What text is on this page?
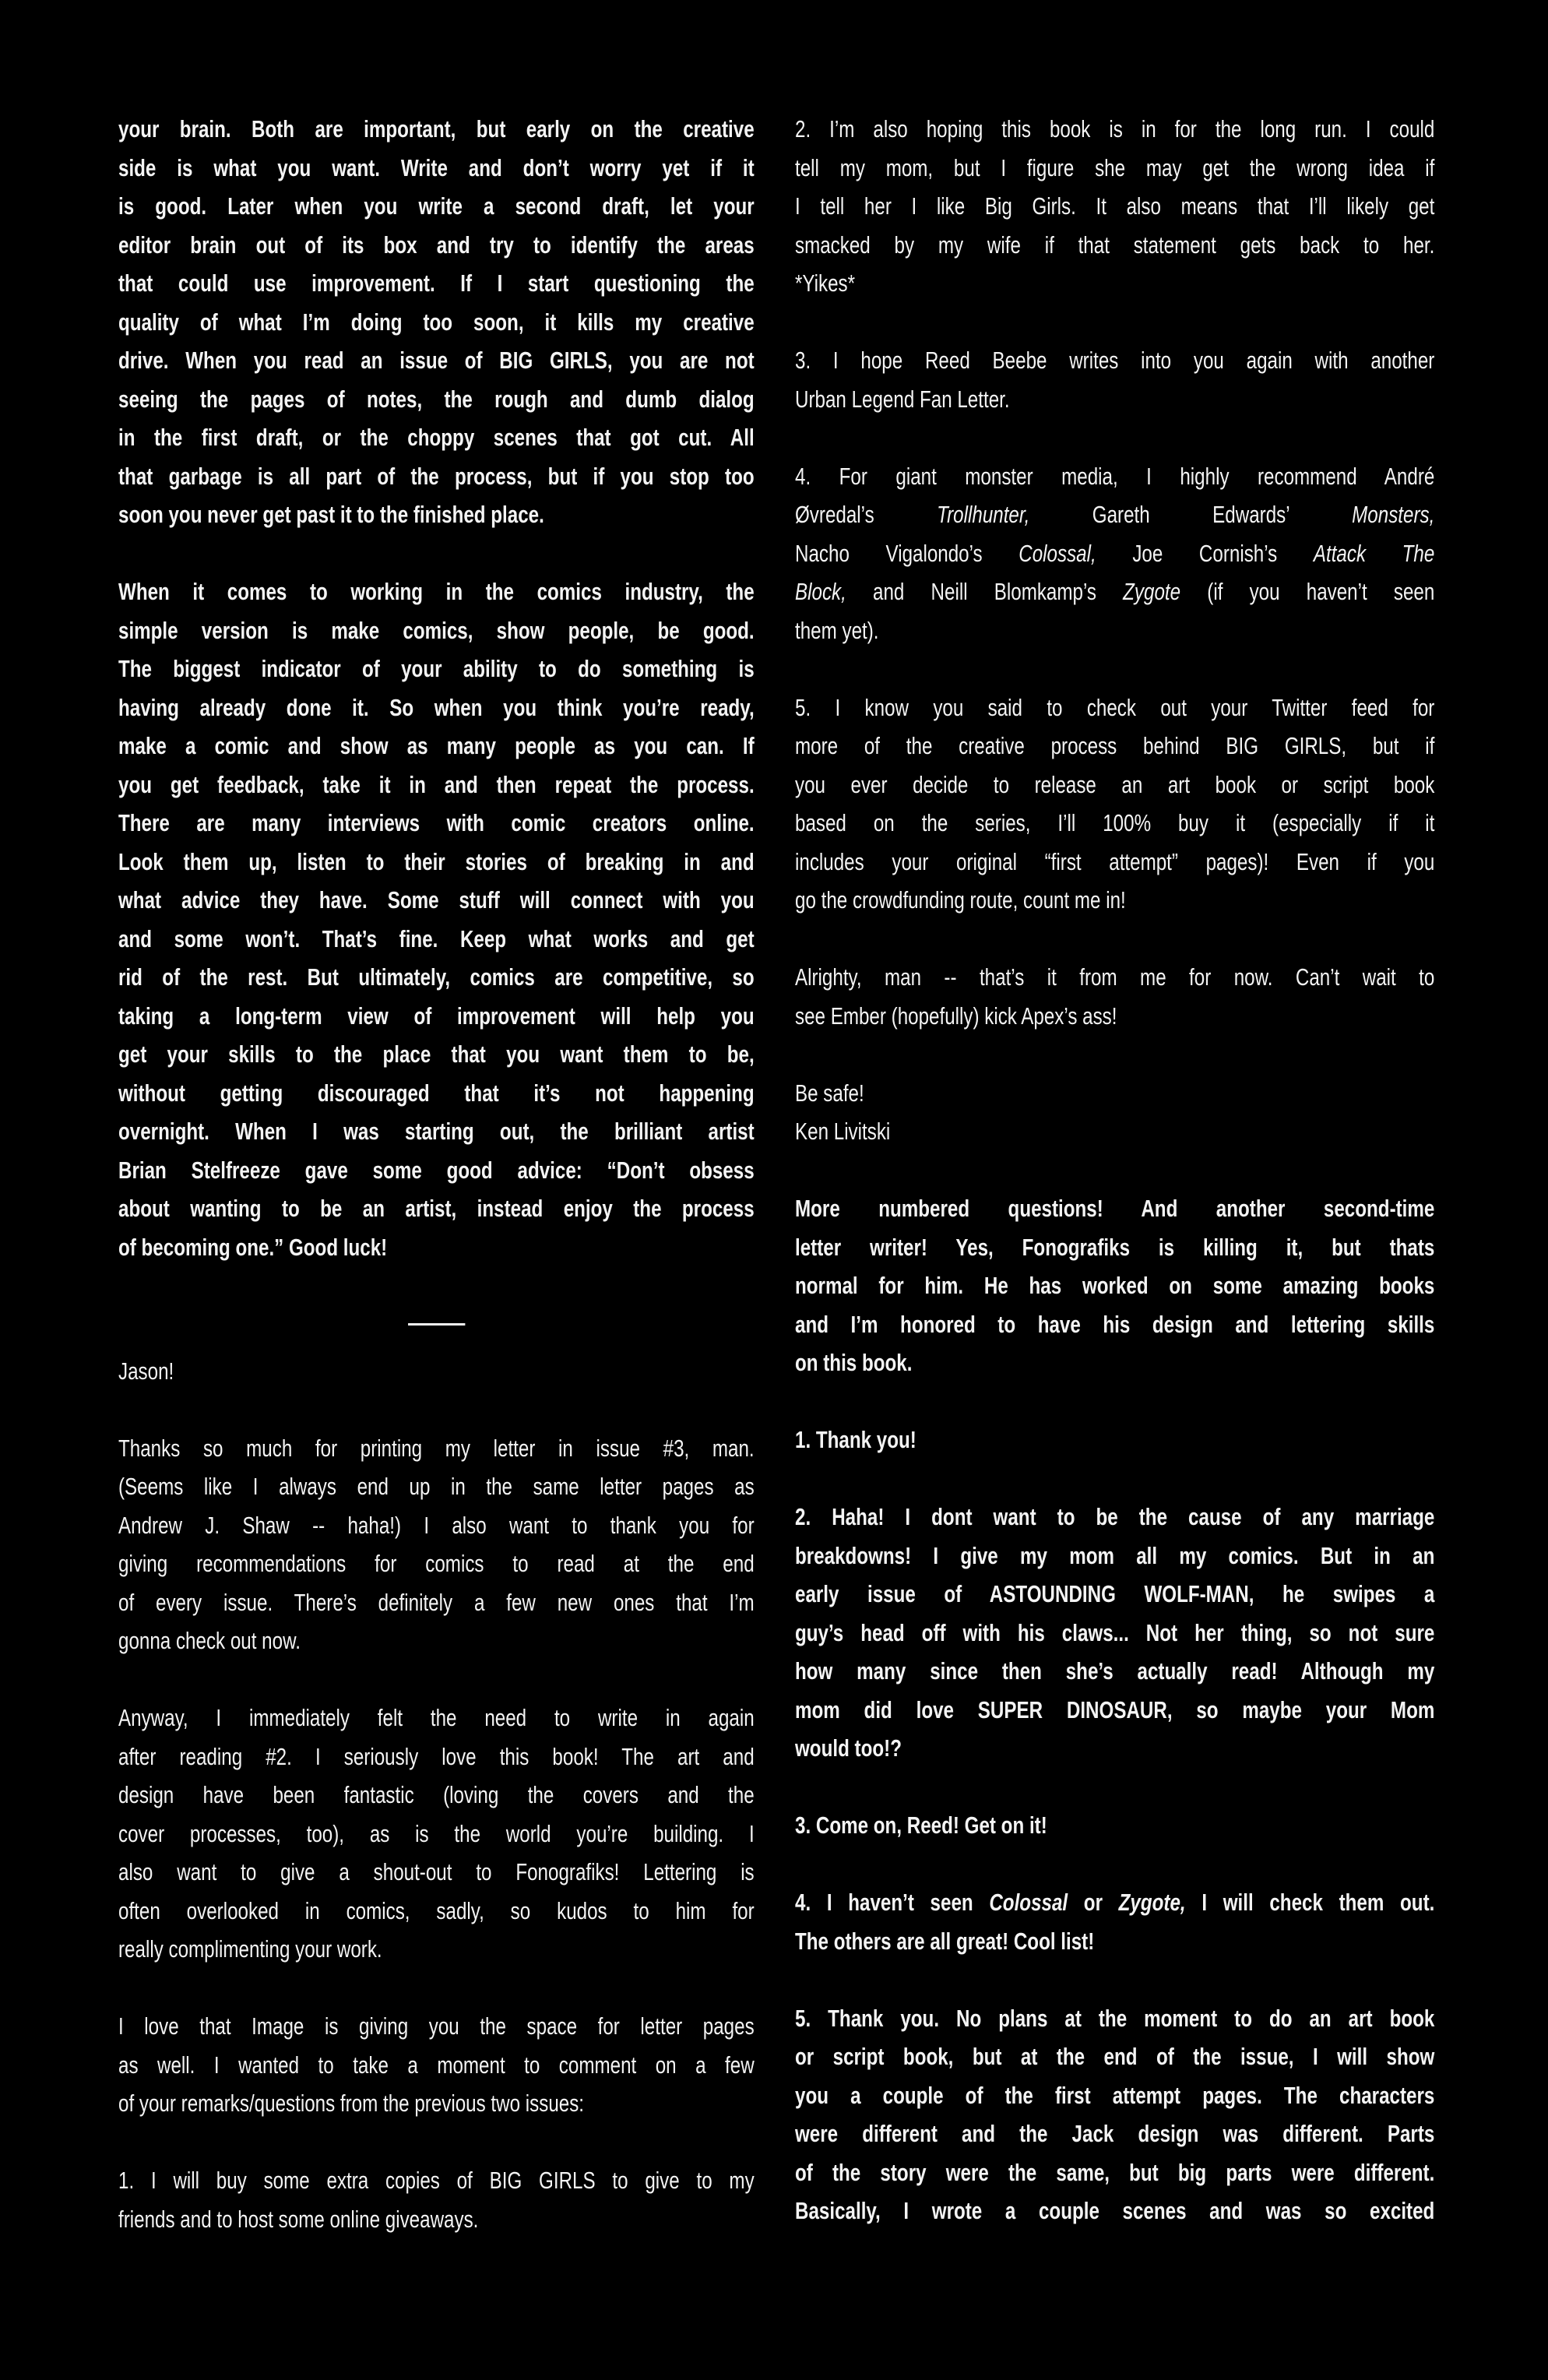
your brain. Both are important, but early on the creative
side is what you want. Write and don’t worry yet if it
is good. Later when you write a second draft, let your
editor brain out of its box and try to identify the areas
that could use improvement. If I start questioning the
quality of what I’m doing too soon, it kills my creative
drive. When you read an issue of BIG GIRLS, you are not
seeing the pages of notes, the rough and dumb dialog
in the first draft, or the choppy scenes that got cut. All
that garbage is all part of the process, but if you stop too
soon you never get past it to the finished place.
When it comes to working in the comics industry, the
simple version is make comics, show people, be good.
The biggest indicator of your ability to do something is
having already done it. So when you think you’re ready,
make a comic and show as many people as you can. If
you get feedback, take it in and then repeat the process.
There are many interviews with comic creators online.
Look them up, listen to their stories of breaking in and
what advice they have. Some stuff will connect with you
and some won’t. That’s fine. Keep what works and get
rid of the rest. But ultimately, comics are competitive, so
taking a long-term view of improvement will help you
get your skills to the place that you want them to be,
without getting discouraged that it’s not happening
overnight. When I was starting out, the brilliant artist
Brian Stelfreeze gave some good advice: “Don’t obsess
about wanting to be an artist, instead enjoy the process
of becoming one.” Good luck!
Jason!
Thanks so much for printing my letter in issue #3, man.
(Seems like I always end up in the same letter pages as
Andrew J. Shaw -- haha!) I also want to thank you for
giving recommendations for comics to read at the end
of every issue. There’s definitely a few new ones that I’m
gonna check out now.
Anyway, I immediately felt the need to write in again
after reading #2. I seriously love this book! The art and
design have been fantastic (loving the covers and the
cover processes, too), as is the world you’re building. I
also want to give a shout-out to Fonografiks! Lettering is
often overlooked in comics, sadly, so kudos to him for
really complimenting your work.
I love that Image is giving you the space for letter pages
as well. I wanted to take a moment to comment on a few
of your remarks/questions from the previous two issues:
1. I will buy some extra copies of BIG GIRLS to give to my
friends and to host some online giveaways.
2. I’m also hoping this book is in for the long run. I could
tell my mom, but I figure she may get the wrong idea if
I tell her I like Big Girls. It also means that I’ll likely get
smacked by my wife if that statement gets back to her.
*Yikes*
3. I hope Reed Beebe writes into you again with another
Urban Legend Fan Letter.
4. For giant monster media, I highly recommend André
Øvredal’s Trollhunter, Gareth Edwards’ Monsters,
Nacho Vigalondo’s Colossal, Joe Cornish’s Attack The
Block, and Neill Blomkamp’s Zygote (if you haven’t seen
them yet).
5. I know you said to check out your Twitter feed for
more of the creative process behind BIG GIRLS, but if
you ever decide to release an art book or script book
based on the series, I’ll 100% buy it (especially if it
includes your original “first attempt” pages)! Even if you
go the crowdfunding route, count me in!
Alrighty, man -- that’s it from me for now. Can’t wait to
see Ember (hopefully) kick Apex’s ass!
Be safe!
Ken Livitski
More numbered questions! And another second-time
letter writer! Yes, Fonografiks is killing it, but thats
normal for him. He has worked on some amazing books
and I’m honored to have his design and lettering skills
on this book.
1. Thank you!
2. Haha! I dont want to be the cause of any marriage
breakdowns! I give my mom all my comics. But in an
early issue of ASTOUNDING WOLF-MAN, he swipes a
guy’s head off with his claws... Not her thing, so not sure
how many since then she’s actually read! Although my
mom did love SUPER DINOSAUR, so maybe your Mom
would too!?
3. Come on, Reed! Get on it!
4. I haven’t seen Colossal or Zygote, I will check them out.
The others are all great! Cool list!
5. Thank you. No plans at the moment to do an art book
or script book, but at the end of the issue, I will show
you a couple of the first attempt pages. The characters
were different and the Jack design was different. Parts
of the story were the same, but big parts were different.
Basically, I wrote a couple scenes and was so excited
